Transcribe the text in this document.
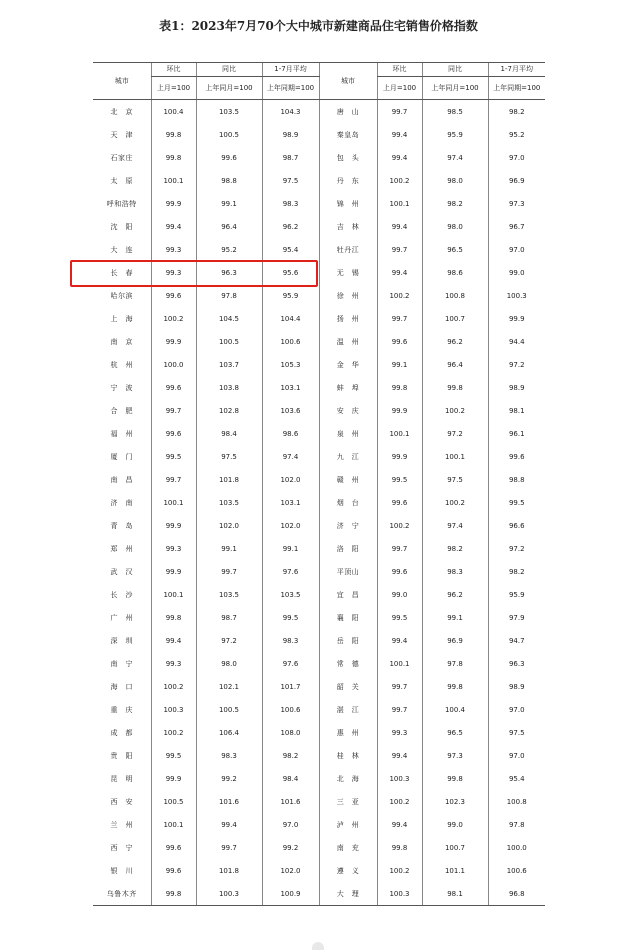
表1：2023年7月70个大中城市新建商品住宅销售价格指数
城市	环比	同比	1-7月平均	城市	环比	同比	1-7月平均
	上月=100	上年同月=100	上年同期=100		上月=100	上年同月=100	上年同期=100
北　京	100.4	103.5	104.3	唐　山	99.7	98.5	98.2
天　津	99.8	100.5	98.9	秦皇岛	99.4	95.9	95.2
石家庄	99.8	99.6	98.7	包　头	99.4	97.4	97.0
太　原	100.1	98.8	97.5	丹　东	100.2	98.0	96.9
呼和浩特	99.9	99.1	98.3	锦　州	100.1	98.2	97.3
沈　阳	99.4	96.4	96.2	吉　林	99.4	98.0	96.7
大　连	99.3	95.2	95.4	牡丹江	99.7	96.5	97.0
长　春	99.3	96.3	95.6	无　锡	99.4	98.6	99.0
哈尔滨	99.6	97.8	95.9	徐　州	100.2	100.8	100.3
上　海	100.2	104.5	104.4	扬　州	99.7	100.7	99.9
南　京	99.9	100.5	100.6	温　州	99.6	96.2	94.4
杭　州	100.0	103.7	105.3	金　华	99.1	96.4	97.2
宁　波	99.6	103.8	103.1	蚌　埠	99.8	99.8	98.9
合　肥	99.7	102.8	103.6	安　庆	99.9	100.2	98.1
福　州	99.6	98.4	98.6	泉　州	100.1	97.2	96.1
厦　门	99.5	97.5	97.4	九　江	99.9	100.1	99.6
南　昌	99.7	101.8	102.0	赣　州	99.5	97.5	98.8
济　南	100.1	103.5	103.1	烟　台	99.6	100.2	99.5
青　岛	99.9	102.0	102.0	济　宁	100.2	97.4	96.6
郑　州	99.3	99.1	99.1	洛　阳	99.7	98.2	97.2
武　汉	99.9	99.7	97.6	平顶山	99.6	98.3	98.2
长　沙	100.1	103.5	103.5	宜　昌	99.0	96.2	95.9
广　州	99.8	98.7	99.5	襄　阳	99.5	99.1	97.9
深　圳	99.4	97.2	98.3	岳　阳	99.4	96.9	94.7
南　宁	99.3	98.0	97.6	常　德	100.1	97.8	96.3
海　口	100.2	102.1	101.7	韶　关	99.7	99.8	98.9
重　庆	100.3	100.5	100.6	湛　江	99.7	100.4	97.0
成　都	100.2	106.4	108.0	惠　州	99.3	96.5	97.5
贵　阳	99.5	98.3	98.2	桂　林	99.4	97.3	97.0
昆　明	99.9	99.2	98.4	北　海	100.3	99.8	95.4
西　安	100.5	101.6	101.6	三　亚	100.2	102.3	100.8
兰　州	100.1	99.4	97.0	泸　州	99.4	99.0	97.8
西　宁	99.6	99.7	99.2	南　充	99.8	100.7	100.0
银　川	99.6	101.8	102.0	遵　义	100.2	101.1	100.6
乌鲁木齐	99.8	100.3	100.9	大　理	100.3	98.1	96.8
